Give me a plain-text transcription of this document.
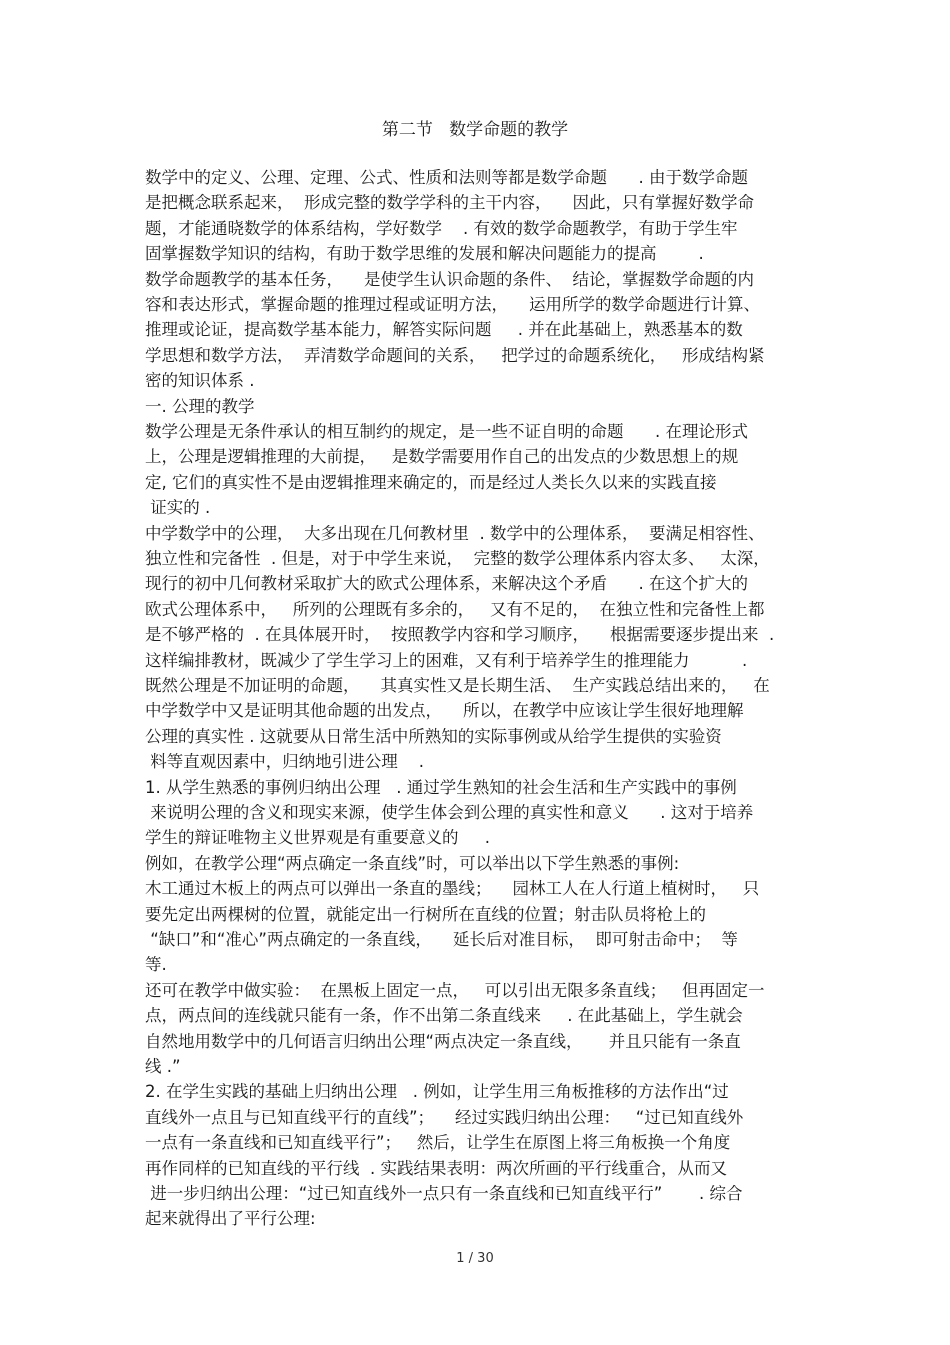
第二节   数学命题的教学
数学中的定义、公理、定理、公式、性质和法则等都是数学命题      . 由于数学命题
是把概念联系起来，  形成完整的数学学科的主干内容，    因此，只有掌握好数学命
题，才能通晓数学的体系结构，学好数学    . 有效的数学命题教学，有助于学生牢
固掌握数学知识的结构，有助于数学思维的发展和解决问题能力的提高        .
数学命题教学的基本任务，    是使学生认识命题的条件、  结论，掌握数学命题的内
容和表达形式，掌握命题的推理过程或证明方法，    运用所学的数学命题进行计算、
推理或论证，提高数学基本能力，解答实际问题     . 并在此基础上，熟悉基本的数
学思想和数学方法，  弄清数学命题间的关系，   把学过的命题系统化，   形成结构紧
密的知识体系 .
一. 公理的教学
数学公理是无条件承认的相互制约的规定，是一些不证自明的命题      . 在理论形式
上，公理是逻辑推理的大前提，   是数学需要用作自己的出发点的少数思想上的规
定, 它们的真实性不是由逻辑推理来确定的，而是经过人类长久以来的实践直接
证实的 .
中学数学中的公理，  大多出现在几何教材里  . 数学中的公理体系，  要满足相容性、
独立性和完备性  . 但是，对于中学生来说，  完整的数学公理体系内容太多、   太深，
现行的初中几何教材采取扩大的欧式公理体系，来解决这个矛盾      . 在这个扩大的
欧式公理体系中，   所列的公理既有多余的，   又有不足的，  在独立性和完备性上都
是不够严格的  . 在具体展开时，  按照教学内容和学习顺序，    根据需要逐步提出来  .
这样编排教材，既减少了学生学习上的困难，又有利于培养学生的推理能力          .
既然公理是不加证明的命题，    其真实性又是长期生活、  生产实践总结出来的，   在
中学数学中又是证明其他命题的出发点，    所以，在教学中应该让学生很好地理解
公理的真实性 . 这就要从日常生活中所熟知的实际事例或从给学生提供的实验资
料等直观因素中，归纳地引进公理    .
1. 从学生熟悉的事例归纳出公理   . 通过学生熟知的社会生活和生产实践中的事例
来说明公理的含义和现实来源，使学生体会到公理的真实性和意义      . 这对于培养
学生的辩证唯物主义世界观是有重要意义的     .
例如，在教学公理“两点确定一条直线”时，可以举出以下学生熟悉的事例:
木工通过木板上的两点可以弹出一条直的墨线；    园林工人在人行道上植树时，   只
要先定出两棵树的位置，就能定出一行树所在直线的位置；射击队员将枪上的
“缺口”和“准心”两点确定的一条直线，    延长后对准目标，  即可射击命中；  等
等.
还可在教学中做实验：  在黑板上固定一点，   可以引出无限多条直线；   但再固定一
点，两点间的连线就只能有一条，作不出第二条直线来     . 在此基础上，学生就会
自然地用数学中的几何语言归纳出公理“两点决定一条直线，     并且只能有一条直
线 .”
2. 在学生实践的基础上归纳出公理   . 例如，让学生用三角板推移的方法作出“过
直线外一点且与已知直线平行的直线”；    经过实践归纳出公理：   “过已知直线外
一点有一条直线和已知直线平行”；   然后，让学生在原图上将三角板换一个角度
再作同样的已知直线的平行线  . 实践结果表明：两次所画的平行线重合，从而又
进一步归纳出公理：“过已知直线外一点只有一条直线和已知直线平行”       . 综合
起来就得出了平行公理:
1 / 30
